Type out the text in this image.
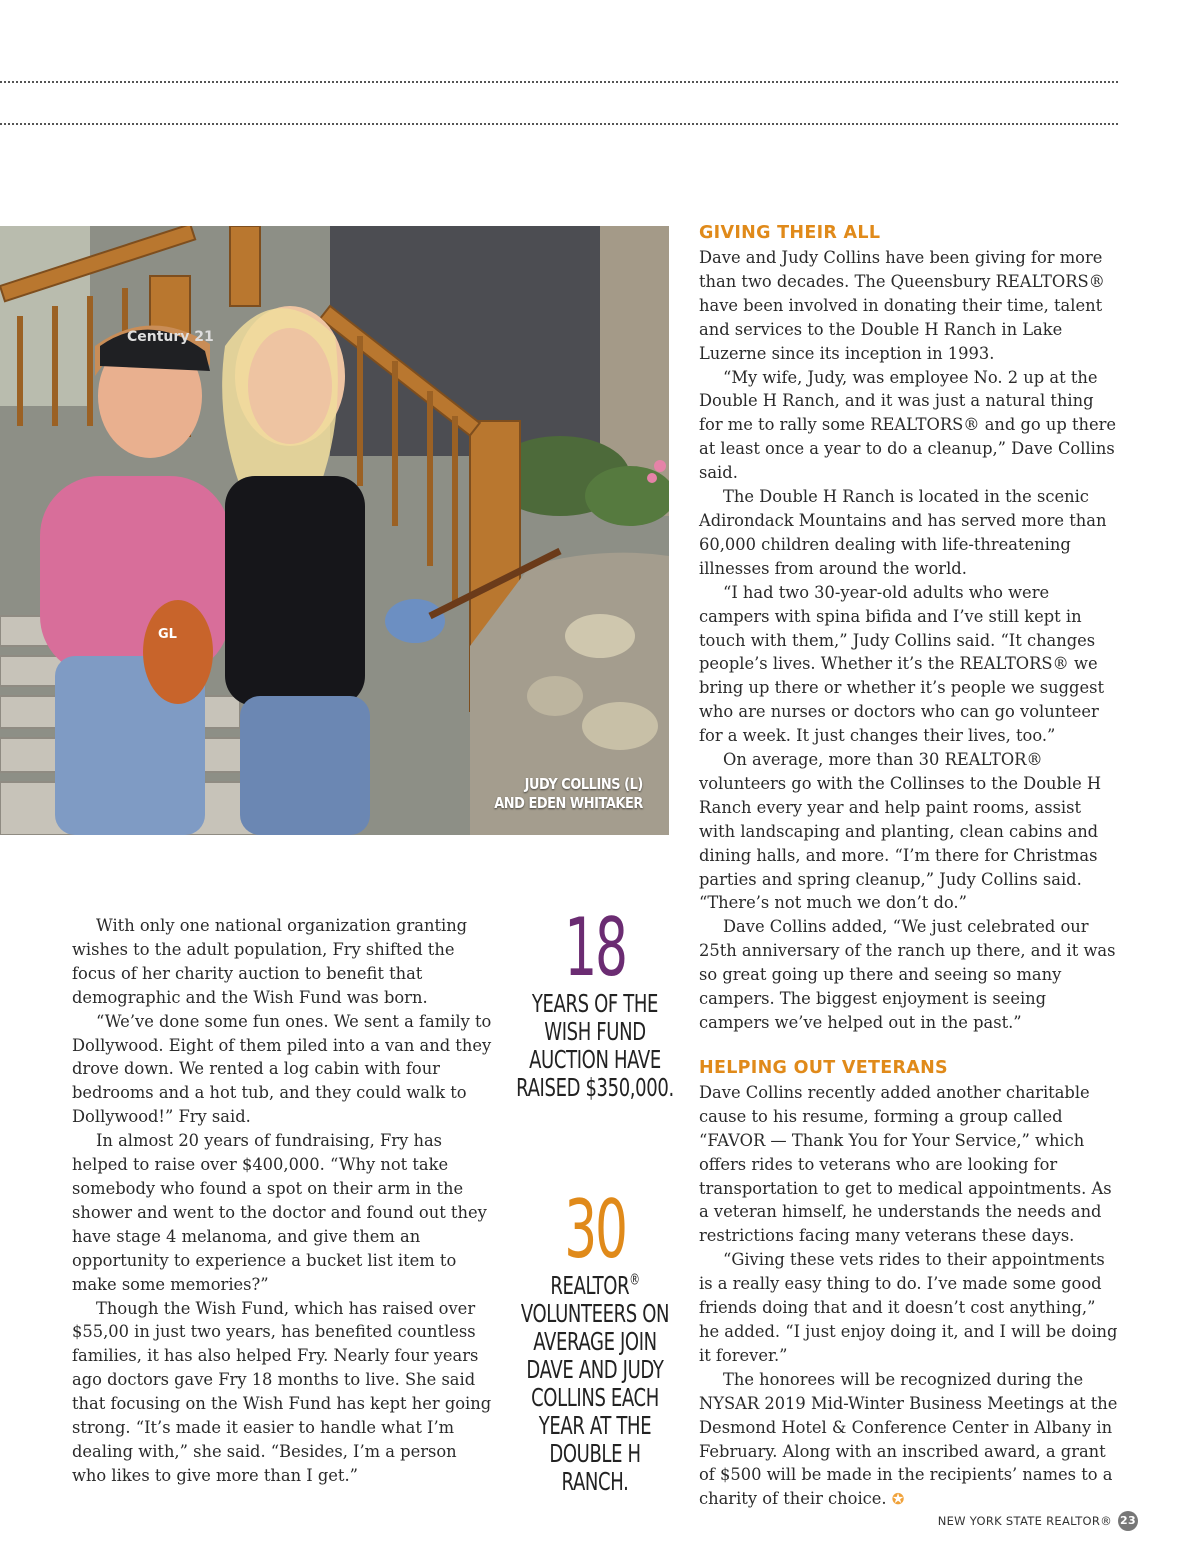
Century 21
GL
JUDY COLLINS (L)
AND EDEN WHITAKER

With only one national organization granting wishes to the adult population, Fry shifted the focus of her charity auction to benefit that demographic and the Wish Fund was born.

“We’ve done some fun ones. We sent a family to Dollywood. Eight of them piled into a van and they drove down. We rented a log cabin with four bedrooms and a hot tub, and they could walk to Dollywood!” Fry said.

In almost 20 years of fundraising, Fry has helped to raise over $400,000. “Why not take somebody who found a spot on their arm in the shower and went to the doctor and found out they have stage 4 melanoma, and give them an opportunity to experience a bucket list item to make some memories?”

Though the Wish Fund, which has raised over $55,00 in just two years, has benefited countless families, it has also helped Fry. Nearly four years ago doctors gave Fry 18 months to live. She said that focusing on the Wish Fund has kept her going strong. “It’s made it easier to handle what I’m dealing with,” she said. “Besides, I’m a person who likes to give more than I get.”

18
YEARS OF THE WISH FUND AUCTION HAVE RAISED $350,000.
30
REALTOR® VOLUNTEERS ON AVERAGE JOIN DAVE AND JUDY COLLINS EACH YEAR AT THE DOUBLE H RANCH.
GIVING THEIR ALL

Dave and Judy Collins have been giving for more than two decades. The Queensbury REALTORS® have been involved in donating their time, talent and services to the Double H Ranch in Lake Luzerne since its inception in 1993.

“My wife, Judy, was employee No. 2 up at the Double H Ranch, and it was just a natural thing for me to rally some REALTORS® and go up there at least once a year to do a cleanup,” Dave Collins said.

The Double H Ranch is located in the scenic Adirondack Mountains and has served more than 60,000 children dealing with life-threatening illnesses from around the world.

“I had two 30-year-old adults who were campers with spina bifida and I’ve still kept in touch with them,” Judy Collins said. “It changes people’s lives. Whether it’s the REALTORS® we bring up there or whether it’s people we suggest who are nurses or doctors who can go volunteer for a week. It just changes their lives, too.”

On average, more than 30 REALTOR® volunteers go with the Collinses to the Double H Ranch every year and help paint rooms, assist with landscaping and planting, clean cabins and dining halls, and more. “I’m there for Christmas parties and spring cleanup,” Judy Collins said. “There’s not much we don’t do.”

Dave Collins added, “We just celebrated our 25th anniversary of the ranch up there, and it was so great going up there and seeing so many campers. The biggest enjoyment is seeing campers we’ve helped out in the past.”

HELPING OUT VETERANS

Dave Collins recently added another charitable cause to his resume, forming a group called “FAVOR — Thank You for Your Service,” which offers rides to veterans who are looking for transportation to get to medical appointments. As a veteran himself, he understands the needs and restrictions facing many veterans these days.

“Giving these vets rides to their appointments is a really easy thing to do. I’ve made some good friends doing that and it doesn’t cost anything,” he added. “I just enjoy doing it, and I will be doing it forever.”

The honorees will be recognized during the NYSAR 2019 Mid-Winter Business Meetings at the Desmond Hotel & Conference Center in Albany in February. Along with an inscribed award, a grant of $500 will be made in the recipients’ names to a charity of their choice. ✪

NEW YORK STATE REALTOR® 23
